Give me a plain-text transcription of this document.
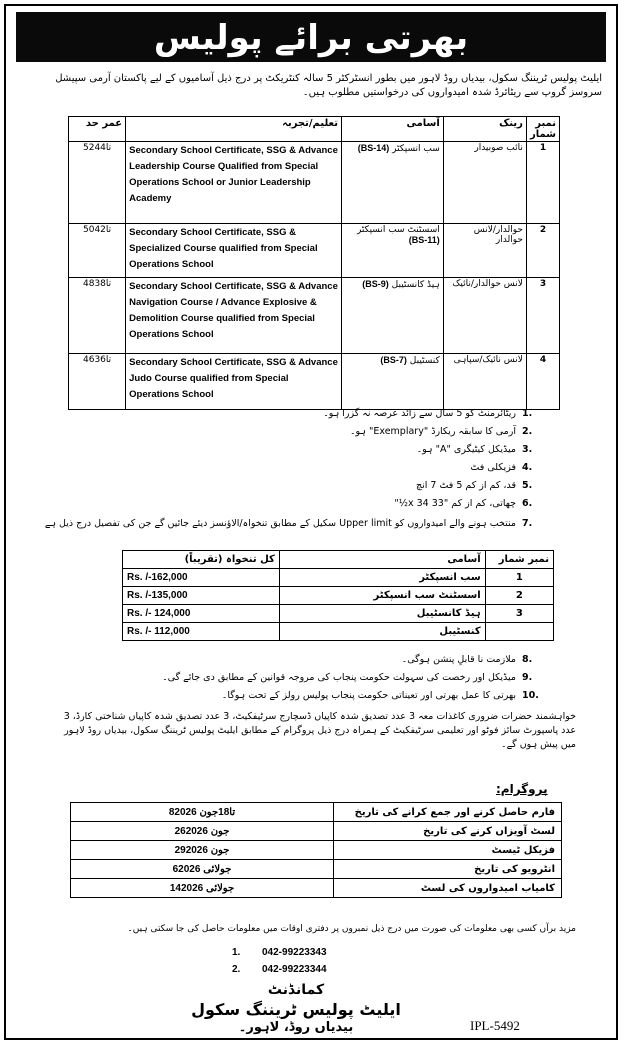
بھرتی برائے پولیس
ایلیٹ پولیس ٹریننگ سکول، بیدیاں روڈ لاہور میں بطور انسٹرکٹر 5 سالہ کنٹریکٹ پر درج ذیل آسامیوں کے لیے پاکستان آرمی سپیشل سروسز گروپ سے ریٹائرڈ شدہ امیدواروں کی درخواستیں مطلوب ہیں۔
عمر حد	تعلیم/تجربہ	آسامی	رینک	نمبر شمار
52تا44	Secondary School Certificate, SSG & Advance Leadership Course Qualified from Special Operations School or Junior Leadership Academy	سب انسپکٹر (BS-14)	نائب صوبیدار	1
50تا42	Secondary School Certificate, SSG & Specialized Course qualified from Special Operations School	اسسٹنٹ سب انسپکٹر (BS-11)	حوالدار/لانس حوالدار	2
48تا38	Secondary School Certificate, SSG & Advance Navigation Course / Advance Explosive & Demolition Course qualified from Special Operations School	ہیڈ کانسٹیبل (BS-9)	لانس حوالدار/نائیک	3
46تا36	Secondary School Certificate, SSG & Advance Judo Course qualified from Special Operations School	کنسٹیبل (BS-7)	لانس نائیک/سپاہی	4
ریٹائرمنٹ کو 5 سال سے زائد عرصہ نہ گزرا ہو۔ 1.
آرمی کا سابقہ ریکارڈ "Exemplary" ہو۔ 2.
میڈیکل کیٹیگری "A" ہو۔ 3.
فزیکلی فٹ 4.
قد، کم از کم 5 فٹ 7 انچ 5.
چھاتی، کم از کم "33 x 34½" 6.
منتخب ہونے والے امیدواروں کو Upper limit سکیل کے مطابق تنخواہ/الاؤنسز دیئے جائیں گے جن کی تفصیل درج ذیل ہے 7.
کل تنخواہ (تقریباً)	آسامی	نمبر شمار
Rs. /-162,000	سب انسپکٹر	1
Rs. /-135,000	اسسٹنٹ سب انسپکٹر	2
Rs. /- 124,000	ہیڈ کانسٹیبل	3
Rs. /- 112,000	کنسٹیبل	
ملازمت نا قابلِ پنشن ہوگی۔ 8.
میڈیکل اور رخصت کی سہولت حکومت پنجاب کی مروجہ قوانین کے مطابق دی جائے گی۔ 9.
بھرتی کا عمل بھرتی اور تعیناتی حکومت پنجاب پولیس رولز کے تحت ہوگا۔ 10.
خواہشمند حضرات ضروری کاغذات معہ 3 عدد تصدیق شدہ کاپیاں ڈسچارج سرٹیفکیٹ، 3 عدد تصدیق شدہ کاپیاں شناختی کارڈ، 3 عدد پاسپورٹ سائز فوٹو اور تعلیمی سرٹیفکیٹ کے ہمراہ درج ذیل پروگرام کے مطابق ایلیٹ پولیس ٹریننگ سکول، بیدیاں روڈ لاہور میں پیش ہوں گے۔
پروگرام:
8تا18جون 2026	فارم حاصل کرنے اور جمع کرانے کی تاریخ
26جون 2026	لسٹ آویزاں کرنے کی تاریخ
29جون 2026	فزیکل ٹیسٹ
6جولائی 2026	انٹرویو کی تاریخ
14جولائی 2026	کامیاب امیدواروں کی لسٹ
مزید برآں کسی بھی معلومات کی صورت میں درج ذیل نمبروں پر دفتری اوقات میں معلومات حاصل کی جا سکتی ہیں۔
1. 042-99223343
2. 042-99223344
کمانڈنٹ
ایلیٹ پولیس ٹریننگ سکول
بیدیاں روڈ، لاہور۔	IPL-5492
